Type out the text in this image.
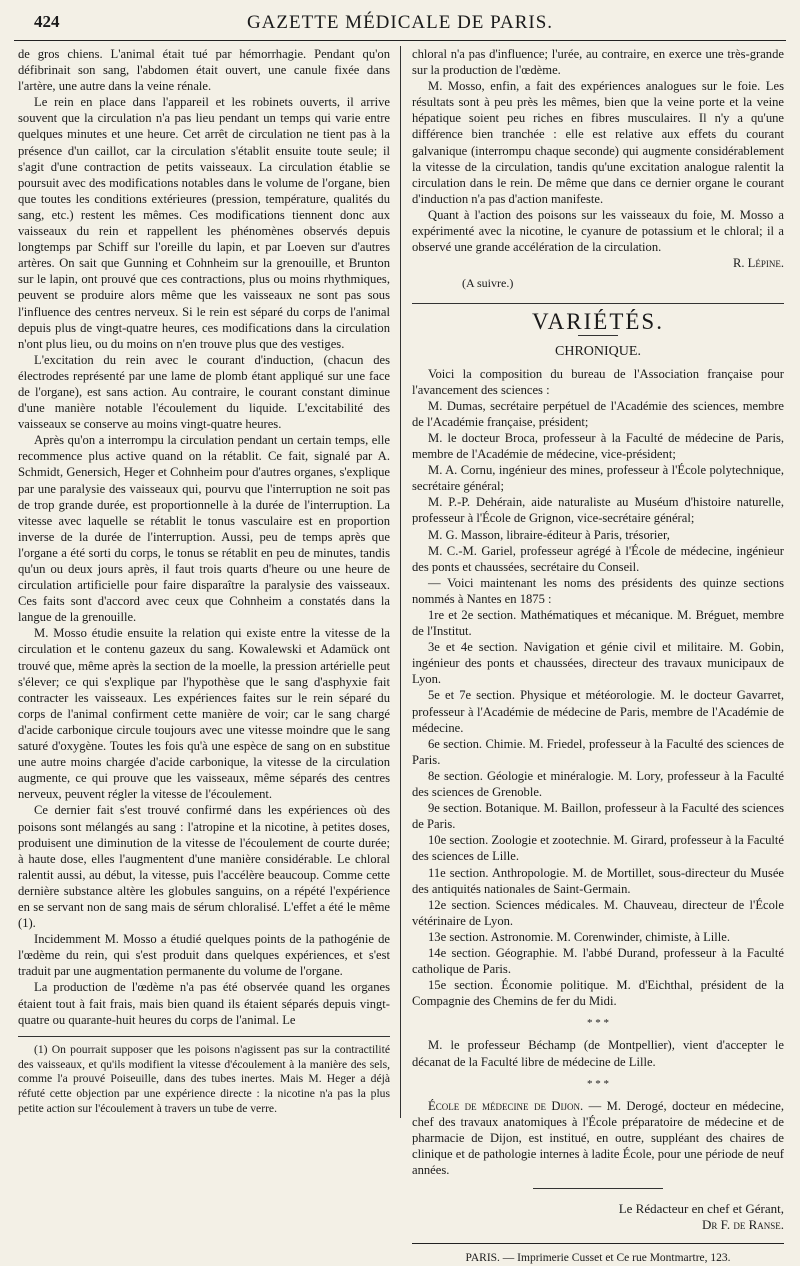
424	GAZETTE MÉDICALE DE PARIS.

de gros chiens. L'animal était tué par hémorrhagie. Pendant qu'on défibrinait son sang, l'abdomen était ouvert, une canule fixée dans l'artère, une autre dans la veine rénale.

Le rein en place dans l'appareil et les robinets ouverts, il arrive souvent que la circulation n'a pas lieu pendant un temps qui varie entre quelques minutes et une heure. Cet arrêt de circulation ne tient pas à la présence d'un caillot, car la circulation s'établit ensuite toute seule; il s'agit d'une contraction de petits vaisseaux. La circulation établie se poursuit avec des modifications notables dans le volume de l'organe, bien que toutes les conditions extérieures (pression, température, qualités du sang, etc.) restent les mêmes. Ces modifications tiennent donc aux vaisseaux du rein et rappellent les phénomènes observés depuis longtemps par Schiff sur l'oreille du lapin, et par Loeven sur d'autres artères. On sait que Gunning et Cohnheim sur la grenouille, et Brunton sur le lapin, ont prouvé que ces contractions, plus ou moins rhythmiques, peuvent se produire alors même que les vaisseaux ne sont pas sous l'influence des centres nerveux. Si le rein est séparé du corps de l'animal depuis plus de vingt-quatre heures, ces modifications dans la circulation n'ont plus lieu, ou du moins on n'en trouve plus que des vestiges.

L'excitation du rein avec le courant d'induction, (chacun des électrodes représenté par une lame de plomb étant appliqué sur une face de l'organe), est sans action. Au contraire, le courant constant diminue d'une manière notable l'écoulement du liquide. L'excitabilité des vaisseaux se conserve au moins vingt-quatre heures.

Après qu'on a interrompu la circulation pendant un certain temps, elle recommence plus active quand on la rétablit. Ce fait, signalé par A. Schmidt, Genersich, Heger et Cohnheim pour d'autres organes, s'explique par une paralysie des vaisseaux qui, pourvu que l'interruption ne soit pas de trop grande durée, est proportionnelle à la durée de l'interruption. La vitesse avec laquelle se rétablit le tonus vasculaire est en proportion inverse de la durée de l'interruption. Aussi, peu de temps après que l'organe a été sorti du corps, le tonus se rétablit en peu de minutes, tandis qu'un ou deux jours après, il faut trois quarts d'heure ou une heure de circulation artificielle pour faire disparaître la paralysie des vaisseaux. Ces faits sont d'accord avec ceux que Cohnheim a constatés dans la langue de la grenouille.

M. Mosso étudie ensuite la relation qui existe entre la vitesse de la circulation et le contenu gazeux du sang. Kowalewski et Adamück ont trouvé que, même après la section de la moelle, la pression artérielle peut s'élever; ce qui s'explique par l'hypothèse que le sang d'asphyxie fait contracter les vaisseaux. Les expériences faites sur le rein séparé du corps de l'animal confirment cette manière de voir; car le sang chargé d'acide carbonique circule toujours avec une vitesse moindre que le sang saturé d'oxygène. Toutes les fois qu'à une espèce de sang on en substitue une autre moins chargée d'acide carbonique, la vitesse de la circulation augmente, ce qui prouve que les vaisseaux, même séparés des centres nerveux, peuvent régler la vitesse de l'écoulement.

Ce dernier fait s'est trouvé confirmé dans les expériences où des poisons sont mélangés au sang : l'atropine et la nicotine, à petites doses, produisent une diminution de la vitesse de l'écoulement de courte durée; à haute dose, elles l'augmentent d'une manière considérable. Le chloral ralentit aussi, au début, la vitesse, puis l'accélère beaucoup. Comme cette dernière substance altère les globules sanguins, on a répété l'expérience en se servant non de sang mais de sérum chloralisé. L'effet a été le même (1).

Incidemment M. Mosso a étudié quelques points de la pathogénie de l'œdème du rein, qui s'est produit dans quelques expériences, et s'est traduit par une augmentation permanente du volume de l'organe.

La production de l'œdème n'a pas été observée quand les organes étaient tout à fait frais, mais bien quand ils étaient séparés depuis vingt-quatre ou quarante-huit heures du corps de l'animal. Le

(1) On pourrait supposer que les poisons n'agissent pas sur la contractilité des vaisseaux, et qu'ils modifient la vitesse d'écoulement à la manière des sels, comme l'a prouvé Poiseuille, dans des tubes inertes. Mais M. Heger a déjà réfuté cette objection par une expérience directe : la nicotine n'a pas la plus petite action sur l'écoulement à travers un tube de verre.

chloral n'a pas d'influence; l'urée, au contraire, en exerce une très-grande sur la production de l'œdème.

M. Mosso, enfin, a fait des expériences analogues sur le foie. Les résultats sont à peu près les mêmes, bien que la veine porte et la veine hépatique soient peu riches en fibres musculaires. Il n'y a qu'une différence bien tranchée : elle est relative aux effets du courant galvanique (interrompu chaque seconde) qui augmente considérablement la vitesse de la circulation, tandis qu'une excitation analogue ralentit la circulation dans le rein. De même que dans ce dernier organe le courant d'induction n'a pas d'action manifeste.

Quant à l'action des poisons sur les vaisseaux du foie, M. Mosso a expérimenté avec la nicotine, le cyanure de potassium et le chloral; il a observé une grande accélération de la circulation.

R. Lépine.
(A suivre.)
VARIÉTÉS.
CHRONIQUE.

Voici la composition du bureau de l'Association française pour l'avancement des sciences :

M. Dumas, secrétaire perpétuel de l'Académie des sciences, membre de l'Académie française, président;

M. le docteur Broca, professeur à la Faculté de médecine de Paris, membre de l'Académie de médecine, vice-président;

M. A. Cornu, ingénieur des mines, professeur à l'École polytechnique, secrétaire général;

M. P.-P. Dehérain, aide naturaliste au Muséum d'histoire naturelle, professeur à l'École de Grignon, vice-secrétaire général;

M. G. Masson, libraire-éditeur à Paris, trésorier,

M. C.-M. Gariel, professeur agrégé à l'École de médecine, ingénieur des ponts et chaussées, secrétaire du Conseil.

— Voici maintenant les noms des présidents des quinze sections nommés à Nantes en 1875 :

1re et 2e section. Mathématiques et mécanique. M. Bréguet, membre de l'Institut.

3e et 4e section. Navigation et génie civil et militaire. M. Gobin, ingénieur des ponts et chaussées, directeur des travaux municipaux de Lyon.

5e et 7e section. Physique et météorologie. M. le docteur Gavarret, professeur à l'Académie de médecine de Paris, membre de l'Académie de médecine.

6e section. Chimie. M. Friedel, professeur à la Faculté des sciences de Paris.

8e section. Géologie et minéralogie. M. Lory, professeur à la Faculté des sciences de Grenoble.

9e section. Botanique. M. Baillon, professeur à la Faculté des sciences de Paris.

10e section. Zoologie et zootechnie. M. Girard, professeur à la Faculté des sciences de Lille.

11e section. Anthropologie. M. de Mortillet, sous-directeur du Musée des antiquités nationales de Saint-Germain.

12e section. Sciences médicales. M. Chauveau, directeur de l'École vétérinaire de Lyon.

13e section. Astronomie. M. Corenwinder, chimiste, à Lille.

14e section. Géographie. M. l'abbé Durand, professeur à la Faculté catholique de Paris.

15e section. Économie politique. M. d'Eichthal, président de la Compagnie des Chemins de fer du Midi.

* * *

M. le professeur Béchamp (de Montpellier), vient d'accepter le décanat de la Faculté libre de médecine de Lille.

* * *

École de médecine de Dijon. — M. Derogé, docteur en médecine, chef des travaux anatomiques à l'École préparatoire de médecine et de pharmacie de Dijon, est institué, en outre, suppléant des chaires de clinique et de pathologie internes à ladite École, pour une période de neuf années.

Le Rédacteur en chef et Gérant,
Dr F. de Ranse.
PARIS. — Imprimerie Cusset et Ce rue Montmartre, 123.
